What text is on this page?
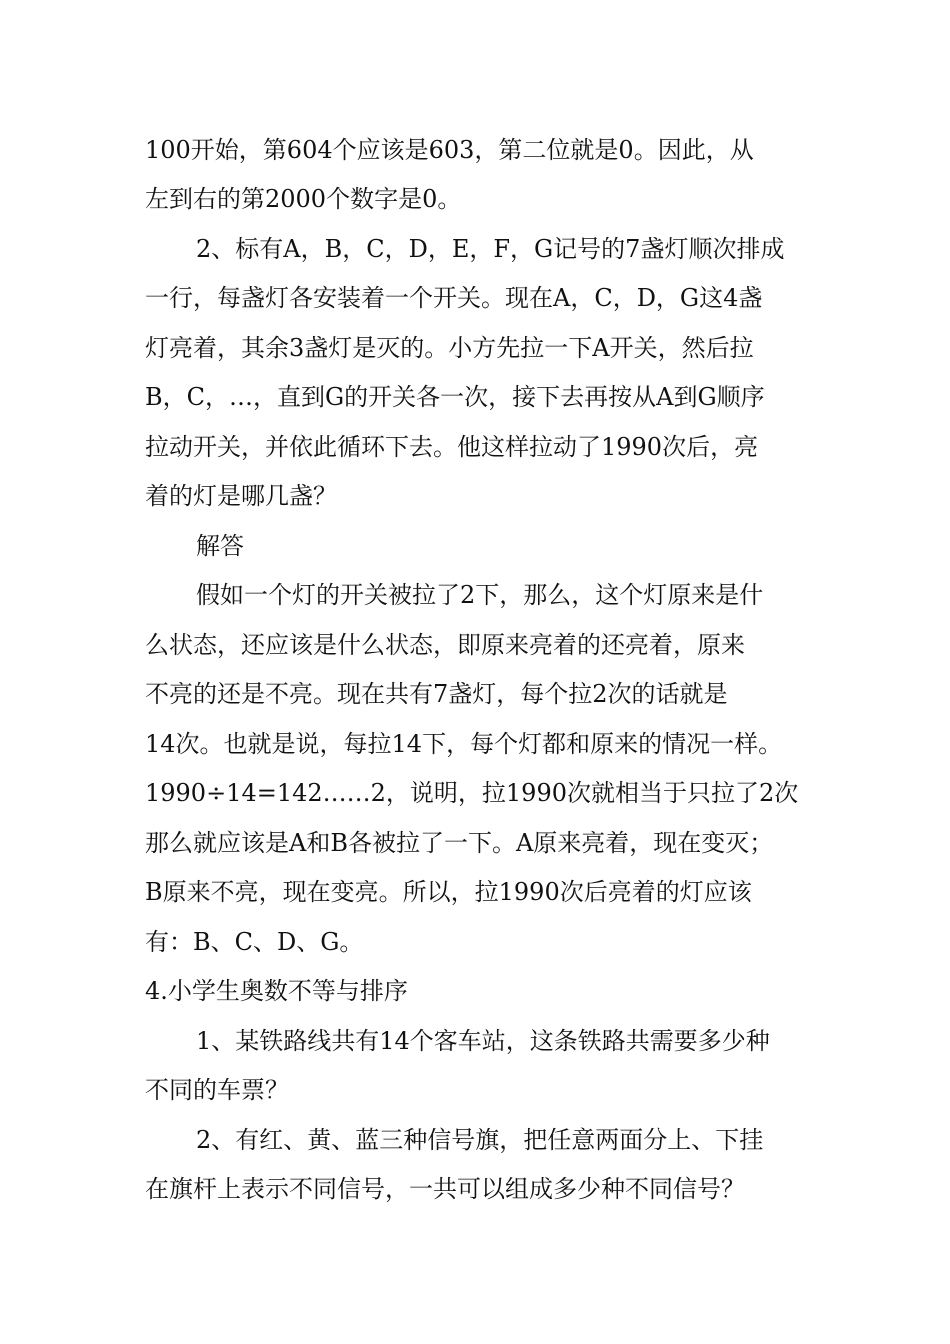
100开始，第604个应该是603，第二位就是0。因此，从
左到右的第2000个数字是0。
2、标有A，B，C，D，E，F，G记号的7盏灯顺次排成
一行，每盏灯各安装着一个开关。现在A，C，D，G这4盏
灯亮着，其余3盏灯是灭的。小方先拉一下A开关，然后拉
B，C，…，直到G的开关各一次，接下去再按从A到G顺序
拉动开关，并依此循环下去。他这样拉动了1990次后，亮
着的灯是哪几盏？
解答
假如一个灯的开关被拉了2下，那么，这个灯原来是什
么状态，还应该是什么状态，即原来亮着的还亮着，原来
不亮的还是不亮。现在共有7盏灯，每个拉2次的话就是
14次。也就是说，每拉14下，每个灯都和原来的情况一样。
1990÷14=142……2，说明，拉1990次就相当于只拉了2次
那么就应该是A和B各被拉了一下。A原来亮着，现在变灭；
B原来不亮，现在变亮。所以，拉1990次后亮着的灯应该
有：B、C、D、G。
4.小学生奥数不等与排序
1、某铁路线共有14个客车站，这条铁路共需要多少种
不同的车票？
2、有红、黄、蓝三种信号旗，把任意两面分上、下挂
在旗杆上表示不同信号，一共可以组成多少种不同信号？
